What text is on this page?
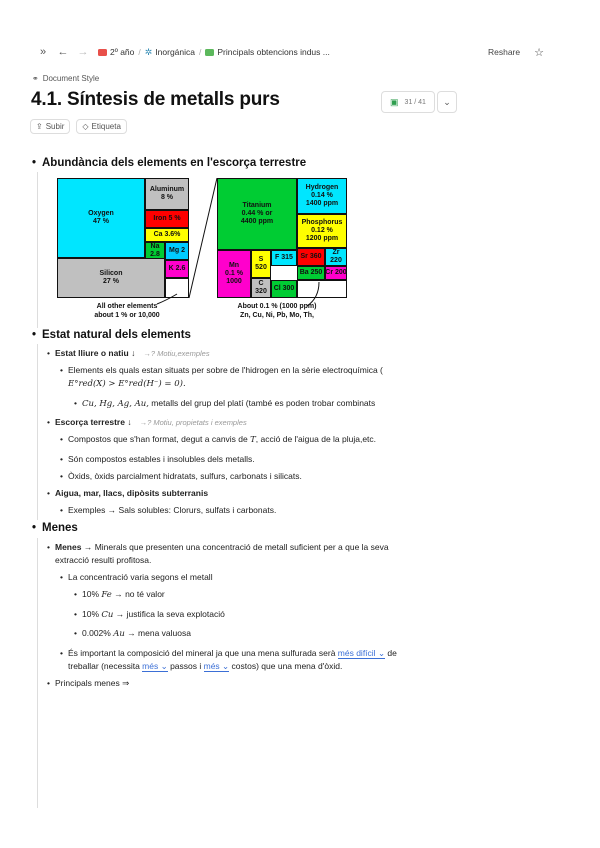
»	← →	2º año / ✲ Inorgánica / Principals obtencions indus ...	Reshare ☆
⚭ Document Style
4.1. Síntesis de metalls purs	▣ 31 / 41	⌄
⇪ Subir ◇ Etiqueta
• Abundància dels elements en l'escorça terrestre
Oxygen
47 %
Aluminum
8 %
Iron 5 %
Ca 3.6%
Na
2.8
Mg 2
Silicon
27 %
K 2.6
Titanium
0.44 % or
4400 ppm
Hydrogen
0.14 %
1400 ppm
Phosphorus
0.12 %
1200 ppm
Mn
0.1 %
1000
S
520
F 315	Sr 360
Zr
220
C
320 Cl 300
Ba 250 Cr 200
All other elements
about 1 % or 10,000
About 0.1 % (1000 ppm)
Zn, Cu, Ni, Pb, Mo, Th,
• Estat natural dels elements
• Estat lliure o natiu ↓ →? Motiu,exemples
• Elements els quals estan situats per sobre de l'hidrogen en la sèrie electroquímica (
E°red(X) > E°red(H⁻) = 0).
• Cu, Hg, Ag, Au, metalls del grup del platí (també es poden trobar combinats
• Escorça terrestre ↓ →? Motiu, propietats i exemples
• Compostos que s'han format, degut a canvis de T, acció de l'aigua de la pluja,etc.
• Són compostos estables i insolubles dels metalls.
• Òxids, òxids parcialment hidratats, sulfurs, carbonats i silicats.
• Aigua, mar, llacs, dipòsits subterranis
• Exemples → Sals solubles: Clorurs, sulfats i carbonats.
• Menes
• Menes → Minerals que presenten una concentració de metall suficient per a que la seva
extracció resulti profitosa.
• La concentració varia segons el metall
• 10% Fe → no té valor
• 10% Cu → justifica la seva explotació
• 0.002% Au → mena valuosa
• És important la composició del mineral ja que una mena sulfurada serà més difícil ⌄ de
treballar (necessita més ⌄ passos i més ⌄ costos) que una mena d'òxid.
• Principals menes ⇒
